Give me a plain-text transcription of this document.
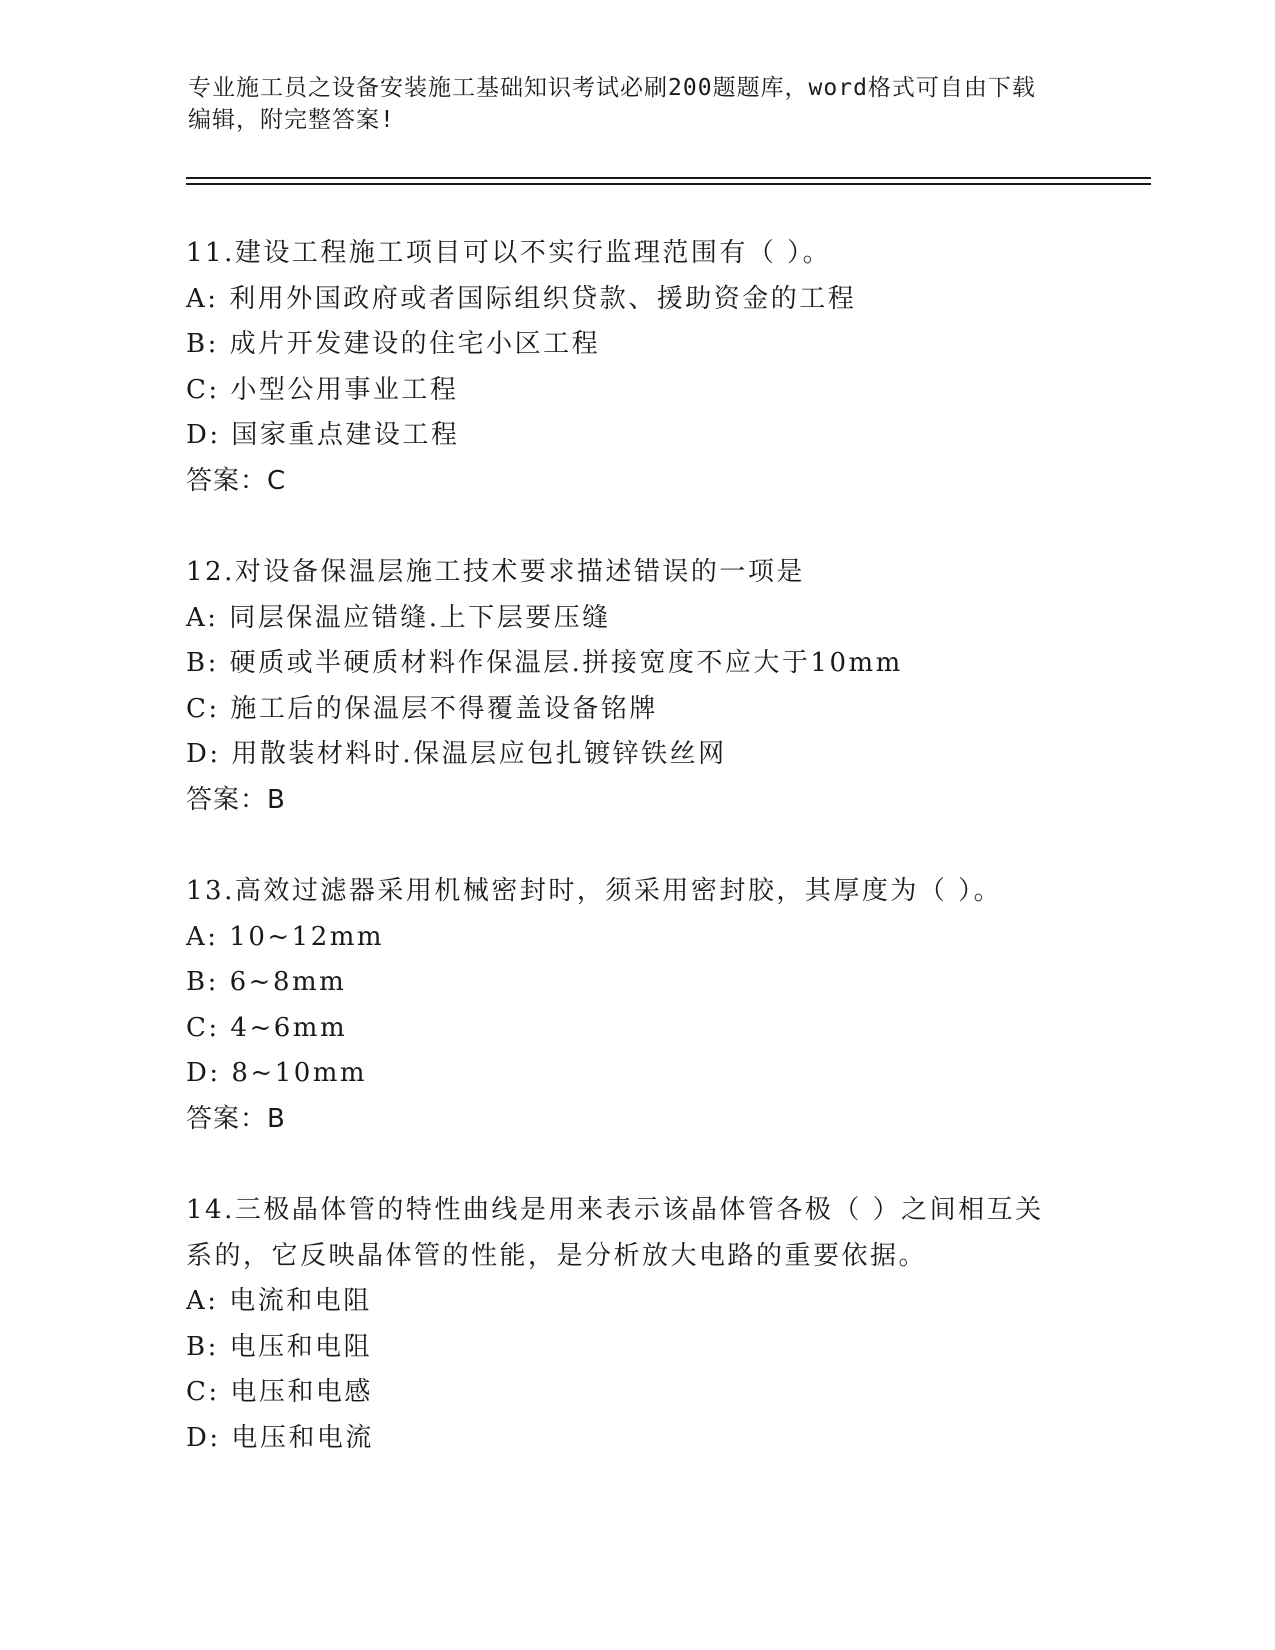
专业施工员之设备安装施工基础知识考试必刷200题题库，word格式可自由下载
编辑，附完整答案!
11.建设工程施工项目可以不实行监理范围有（ ）。
A: 利用外国政府或者国际组织贷款、援助资金的工程
B: 成片开发建设的住宅小区工程
C: 小型公用事业工程
D: 国家重点建设工程
答案：C
12.对设备保温层施工技术要求描述错误的一项是
A: 同层保温应错缝.上下层要压缝
B: 硬质或半硬质材料作保温层.拼接宽度不应大于10mm
C: 施工后的保温层不得覆盖设备铭牌
D: 用散装材料时.保温层应包扎镀锌铁丝网
答案：B
13.高效过滤器采用机械密封时，须采用密封胶，其厚度为（ ）。
A: 10~12mm
B: 6~8mm
C: 4~6mm
D: 8~10mm
答案：B
14.三极晶体管的特性曲线是用来表示该晶体管各极（ ）之间相互关
系的，它反映晶体管的性能，是分析放大电路的重要依据。
A: 电流和电阻
B: 电压和电阻
C: 电压和电感
D: 电压和电流
